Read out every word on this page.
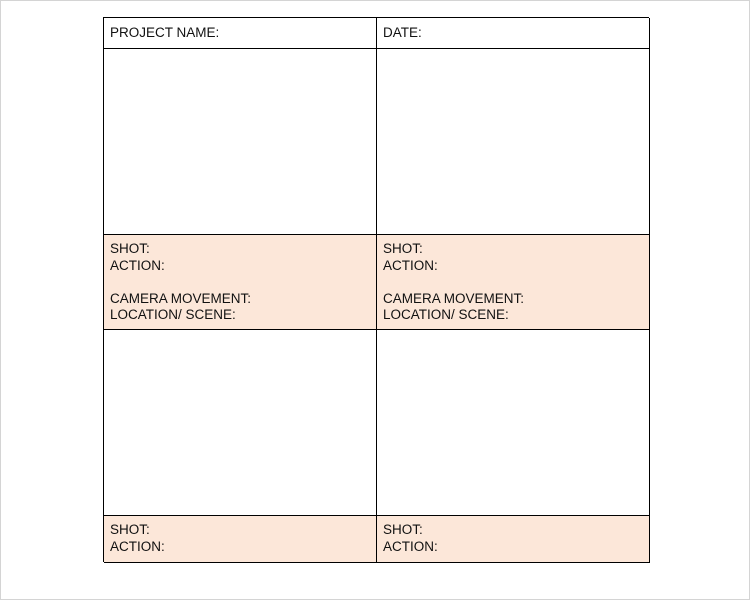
PROJECT NAME:	DATE:
SHOT:
ACTION:
CAMERA MOVEMENT:
LOCATION/ SCENE:
SHOT:
ACTION:
CAMERA MOVEMENT:
LOCATION/ SCENE:
SHOT:
ACTION:
SHOT:
ACTION:
